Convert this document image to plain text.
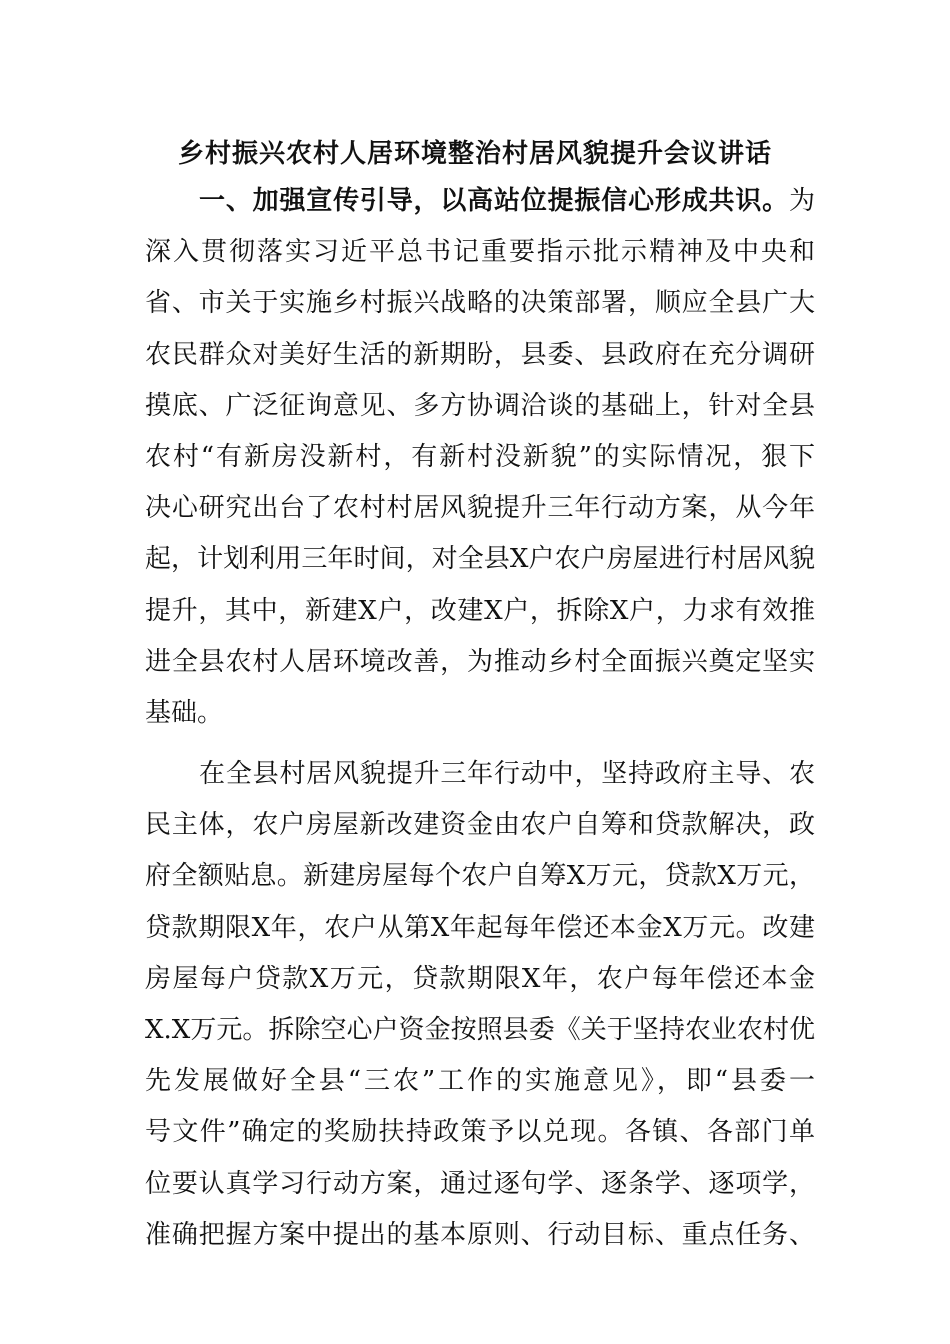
乡村振兴农村人居环境整治村居风貌提升会议讲话
一、加强宣传引导，以高站位提振信心形成共识。为
深入贯彻落实习近平总书记重要指示批示精神及中央和
省、市关于实施乡村振兴战略的决策部署，顺应全县广大
农民群众对美好生活的新期盼，县委、县政府在充分调研
摸底、广泛征询意见、多方协调洽谈的基础上，针对全县
农村“有新房没新村，有新村没新貌”的实际情况，狠下
决心研究出台了农村村居风貌提升三年行动方案，从今年
起，计划利用三年时间，对全县X户农户房屋进行村居风貌
提升，其中，新建X户，改建X户，拆除X户，力求有效推
进全县农村人居环境改善，为推动乡村全面振兴奠定坚实
基础。
在全县村居风貌提升三年行动中，坚持政府主导、农
民主体，农户房屋新改建资金由农户自筹和贷款解决，政
府全额贴息。新建房屋每个农户自筹X万元，贷款X万元，
贷款期限X年，农户从第X年起每年偿还本金X万元。改建
房屋每户贷款X万元，贷款期限X年，农户每年偿还本金
X.X万元。拆除空心户资金按照县委《关于坚持农业农村优
先发展做好全县“三农”工作的实施意见》，即“县委一
号文件”确定的奖励扶持政策予以兑现。各镇、各部门单
位要认真学习行动方案，通过逐句学、逐条学、逐项学，
准确把握方案中提出的基本原则、行动目标、重点任务、
